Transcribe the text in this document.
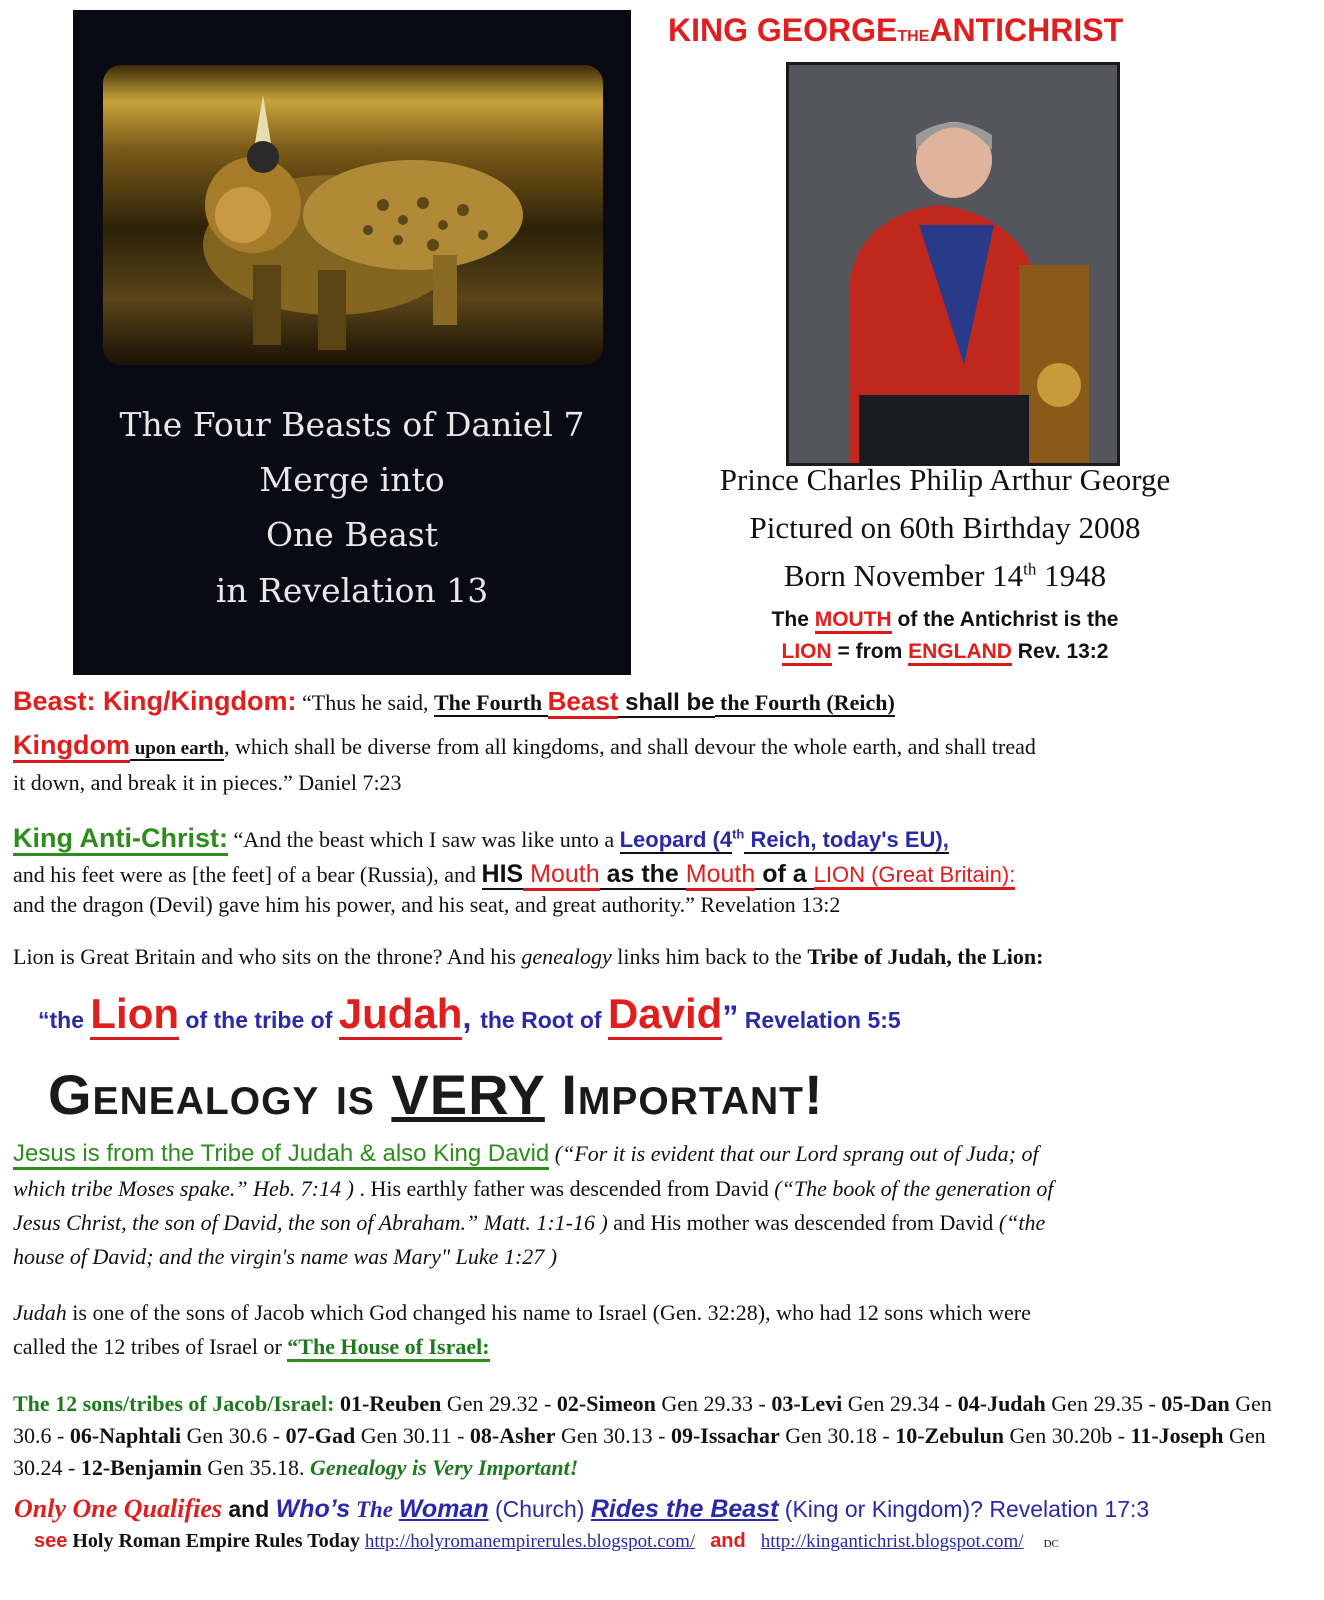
The Four Beasts of Daniel 7
Merge into
One Beast
in Revelation 13
KING GEORGETHEANTICHRIST
Prince Charles Philip Arthur George
Pictured on 60th Birthday 2008
Born November 14th 1948
The MOUTH of the Antichrist is the
LION = from ENGLAND Rev. 13:2
Beast: King/Kingdom: “Thus he said, The Fourth Beast shall be the Fourth (Reich)
Kingdom upon earth, which shall be diverse from all kingdoms, and shall devour the whole earth, and shall tread
it down, and break it in pieces.” Daniel 7:23
King Anti-Christ: “And the beast which I saw was like unto a Leopard (4th Reich, today's EU),
and his feet were as [the feet] of a bear (Russia), and HIS Mouth as the Mouth of a LION (Great Britain):
and the dragon (Devil) gave him his power, and his seat, and great authority.” Revelation 13:2
Lion is Great Britain and who sits on the throne? And his genealogy links him back to the Tribe of Judah, the Lion:
“the Lion of the tribe of Judah, the Root of David” Revelation 5:5
Genealogy is VERY Important!
Jesus is from the Tribe of Judah & also King David (“For it is evident that our Lord sprang out of Juda; of
which tribe Moses spake.” Heb. 7:14 ) . His earthly father was descended from David (“The book of the generation of
Jesus Christ, the son of David, the son of Abraham.” Matt. 1:1-16 ) and His mother was descended from David (“the
house of David; and the virgin's name was Mary" Luke 1:27 )
Judah is one of the sons of Jacob which God changed his name to Israel (Gen. 32:28), who had 12 sons which were
called the 12 tribes of Israel or “The House of Israel:
The 12 sons/tribes of Jacob/Israel: 01-Reuben Gen 29.32 - 02-Simeon Gen 29.33 - 03-Levi Gen 29.34 - 04-Judah Gen 29.35 - 05-Dan Gen 30.6 - 06-Naphtali Gen 30.6 - 07-Gad Gen 30.11 - 08-Asher Gen 30.13 - 09-Issachar Gen 30.18 - 10-Zebulun Gen 30.20b - 11-Joseph Gen 30.24 - 12-Benjamin Gen 35.18. Genealogy is Very Important!
Only One Qualifies and Who’s The Woman (Church) Rides the Beast (King or Kingdom)? Revelation 17:3
see Holy Roman Empire Rules Today http://holyromanempirerules.blogspot.com/ and http://kingantichrist.blogspot.com/ DC
